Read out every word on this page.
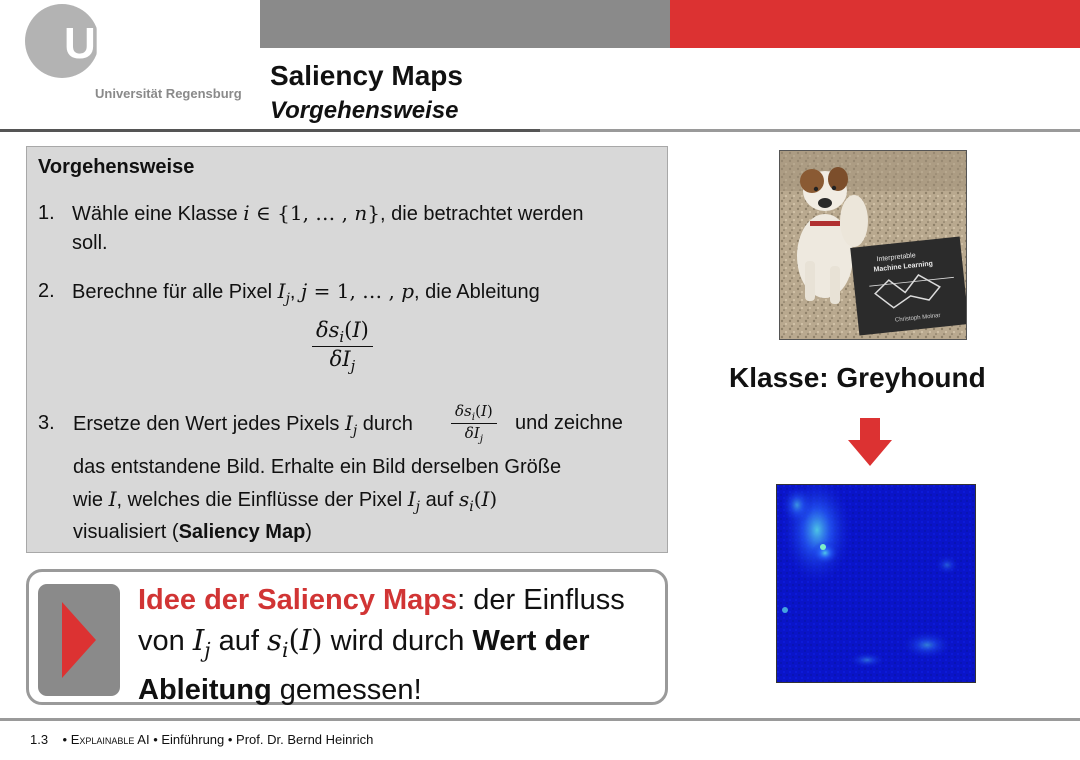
UR
Universität Regensburg
Saliency Maps
Vorgehensweise
Vorgehensweise
1. Wähle eine Klasse i ∈ {1, … , n}, die betrachtet werden
soll.
2. Berechne für alle Pixel $I_j$, j = 1, … , p, die Ableitung
$\frac{\delta s_i(I)}{\delta I_j}$
3. Ersetze den Wert jedes Pixels $I_j$ durch	$\frac{\delta s_i(I)}{\delta I_j}$ und zeichne
das entstandene Bild. Erhalte ein Bild derselben Größe
wie I, welches die Einflüsse der Pixel $I_j$ auf $s_i(I)$
visualisiert (Saliency Map)
Idee der Saliency Maps: der Einfluss
von $I_j$ auf $s_i(I)$ wird durch Wert der Ableitung gemessen!
Interpretable
Machine Learning
Christoph Molnar
Klasse: Greyhound
1.3    • Explainable AI • Einführung • Prof. Dr. Bernd Heinrich
